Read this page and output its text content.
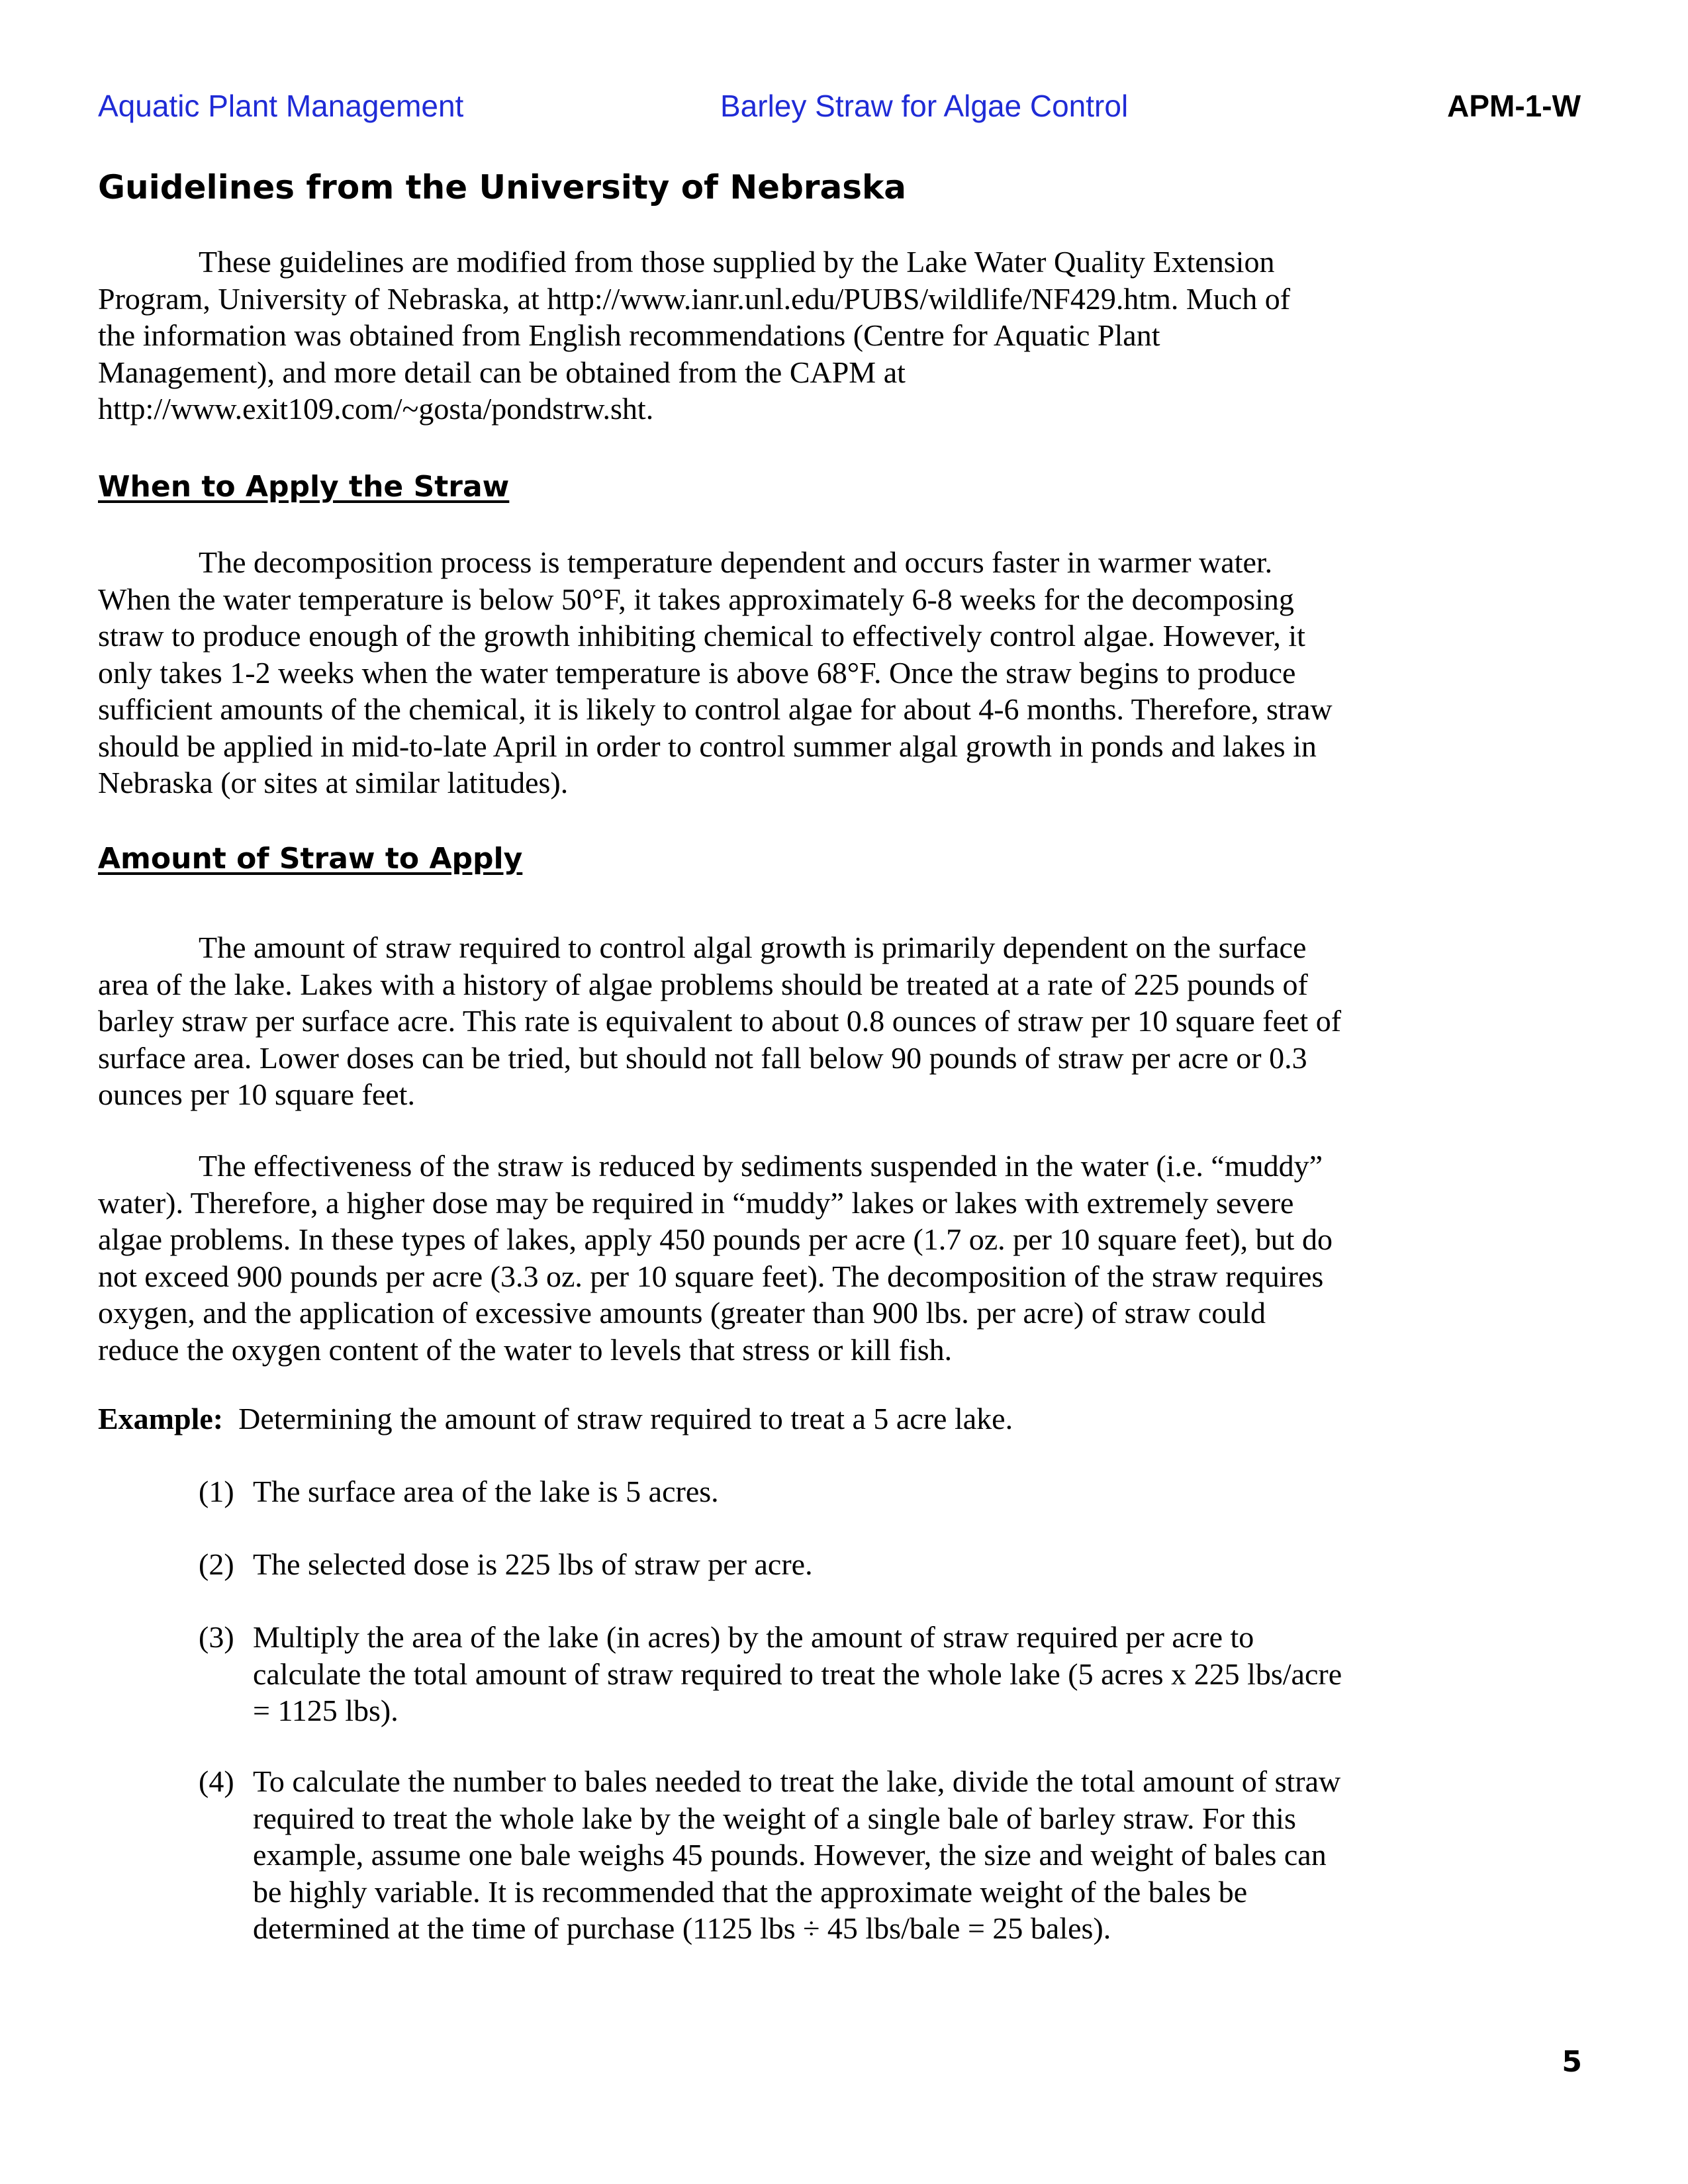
Aquatic Plant Management	Barley Straw for Algae Control	APM-1-W
Guidelines from the University of Nebraska
These guidelines are modified from those supplied by the Lake Water Quality Extension
Program, University of Nebraska, at http://www.ianr.unl.edu/PUBS/wildlife/NF429.htm. Much of
the information was obtained from English recommendations (Centre for Aquatic Plant
Management), and more detail can be obtained from the CAPM at
http://www.exit109.com/~gosta/pondstrw.sht.
When to Apply the Straw
The decomposition process is temperature dependent and occurs faster in warmer water.
When the water temperature is below 50°F, it takes approximately 6-8 weeks for the decomposing
straw to produce enough of the growth inhibiting chemical to effectively control algae. However, it
only takes 1-2 weeks when the water temperature is above 68°F. Once the straw begins to produce
sufficient amounts of the chemical, it is likely to control algae for about 4-6 months. Therefore, straw
should be applied in mid-to-late April in order to control summer algal growth in ponds and lakes in
Nebraska (or sites at similar latitudes).
Amount of Straw to Apply
The amount of straw required to control algal growth is primarily dependent on the surface
area of the lake. Lakes with a history of algae problems should be treated at a rate of 225 pounds of
barley straw per surface acre. This rate is equivalent to about 0.8 ounces of straw per 10 square feet of
surface area. Lower doses can be tried, but should not fall below 90 pounds of straw per acre or 0.3
ounces per 10 square feet.
The effectiveness of the straw is reduced by sediments suspended in the water (i.e. “muddy”
water). Therefore, a higher dose may be required in “muddy” lakes or lakes with extremely severe
algae problems. In these types of lakes, apply 450 pounds per acre (1.7 oz. per 10 square feet), but do
not exceed 900 pounds per acre (3.3 oz. per 10 square feet). The decomposition of the straw requires
oxygen, and the application of excessive amounts (greater than 900 lbs. per acre) of straw could
reduce the oxygen content of the water to levels that stress or kill fish.
Example: Determining the amount of straw required to treat a 5 acre lake.
(1) The surface area of the lake is 5 acres.
(2) The selected dose is 225 lbs of straw per acre.
(3) Multiply the area of the lake (in acres) by the amount of straw required per acre to
calculate the total amount of straw required to treat the whole lake (5 acres x 225 lbs/acre
= 1125 lbs).
(4) To calculate the number to bales needed to treat the lake, divide the total amount of straw
required to treat the whole lake by the weight of a single bale of barley straw. For this
example, assume one bale weighs 45 pounds. However, the size and weight of bales can
be highly variable. It is recommended that the approximate weight of the bales be
determined at the time of purchase (1125 lbs ÷ 45 lbs/bale = 25 bales).
5
